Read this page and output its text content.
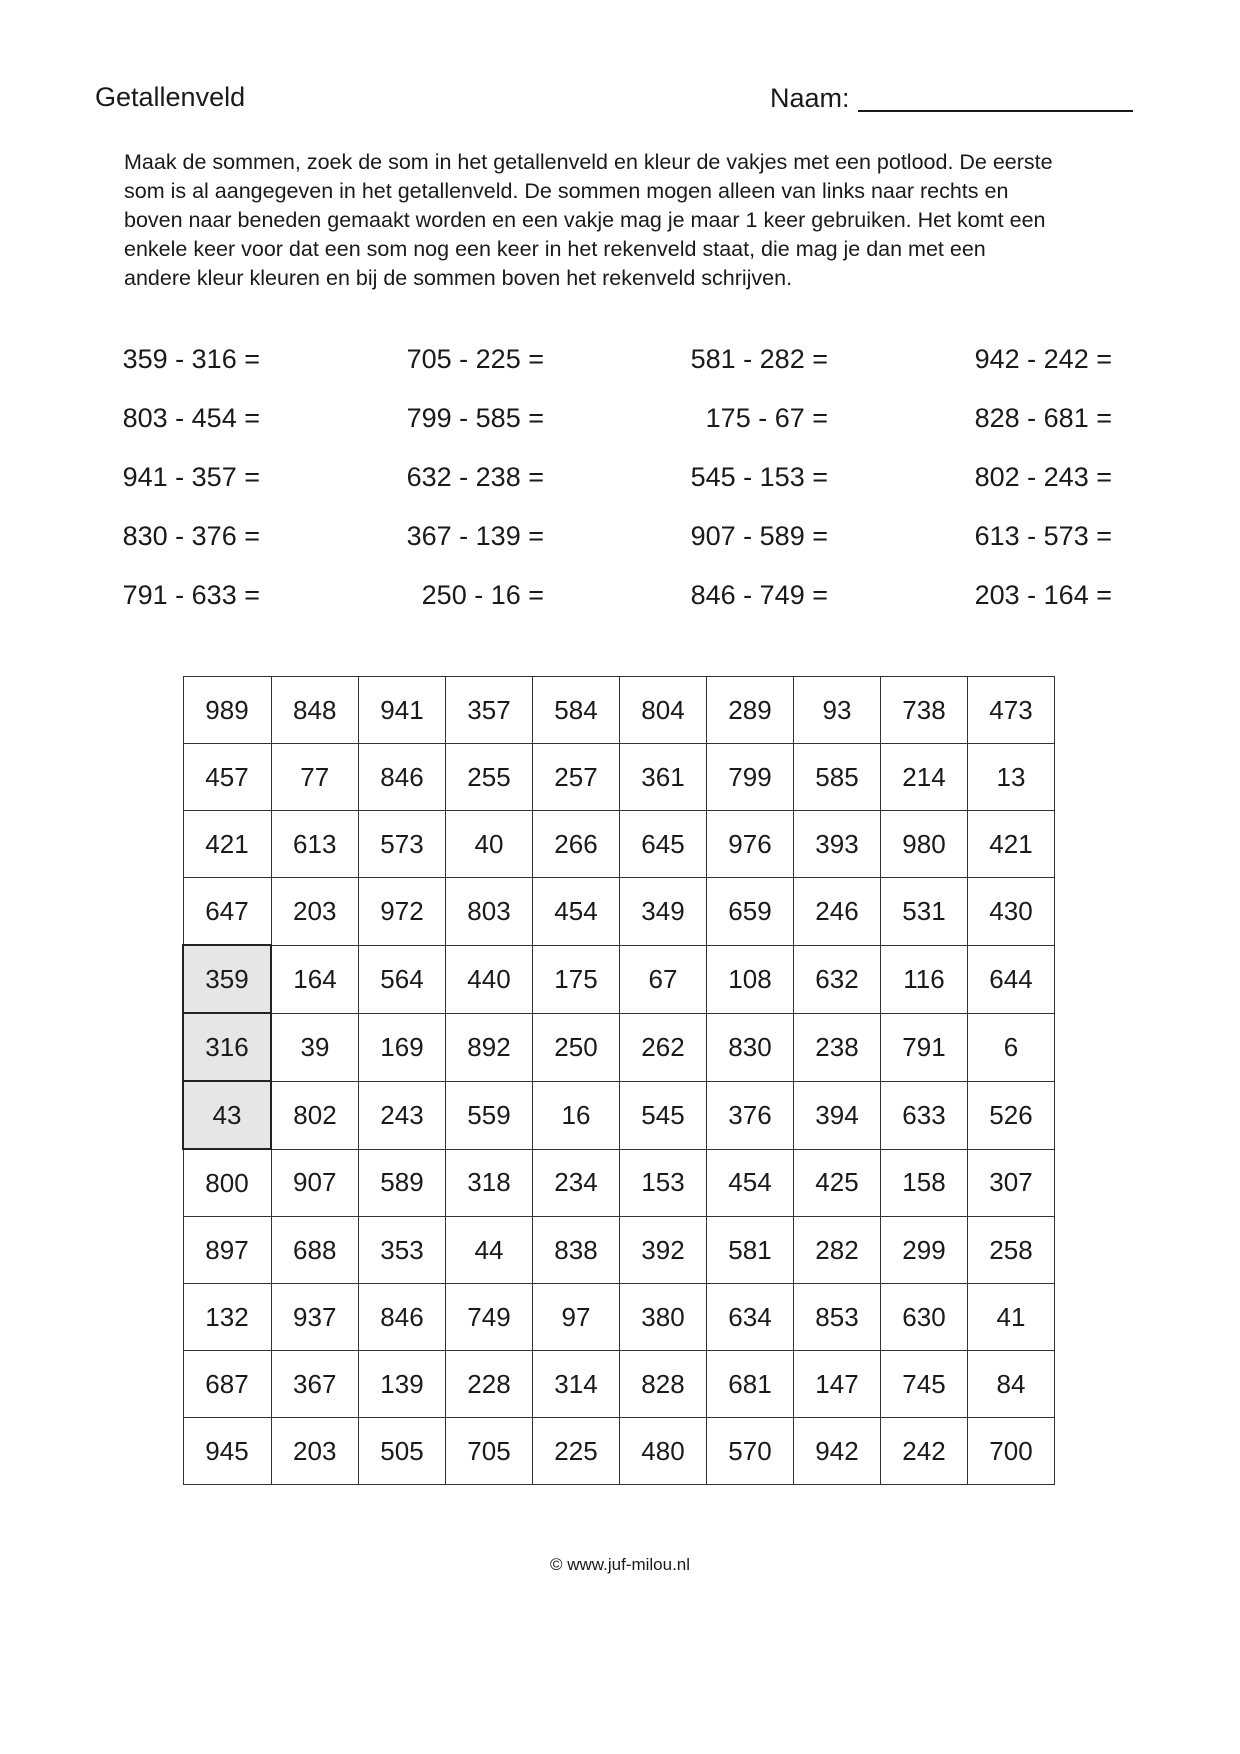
Getallenveld	Naam:
Maak de sommen, zoek de som in het getallenveld en kleur de vakjes met een potlood. De eerste
som is al aangegeven in het getallenveld. De sommen mogen alleen van links naar rechts en
boven naar beneden gemaakt worden en een vakje mag je maar 1 keer gebruiken. Het komt een
enkele keer voor dat een som nog een keer in het rekenveld staat, die mag je dan met een
andere kleur kleuren en bij de sommen boven het rekenveld schrijven.
359 - 316 =	705 - 225 =	581 - 282 =	942 - 242 =
803 - 454 =	799 - 585 =	175 - 67 =	828 - 681 =
941 - 357 =	632 - 238 =	545 - 153 =	802 - 243 =
830 - 376 =	367 - 139 =	907 - 589 =	613 - 573 =
791 - 633 =	250 - 16 =	846 - 749 =	203 - 164 =
989	848	941	357	584	804	289	93	738	473
457	77	846	255	257	361	799	585	214	13
421	613	573	40	266	645	976	393	980	421
647	203	972	803	454	349	659	246	531	430
359	164	564	440	175	67	108	632	116	644
316	39	169	892	250	262	830	238	791	6
43	802	243	559	16	545	376	394	633	526
800	907	589	318	234	153	454	425	158	307
897	688	353	44	838	392	581	282	299	258
132	937	846	749	97	380	634	853	630	41
687	367	139	228	314	828	681	147	745	84
945	203	505	705	225	480	570	942	242	700
© www.juf-milou.nl
